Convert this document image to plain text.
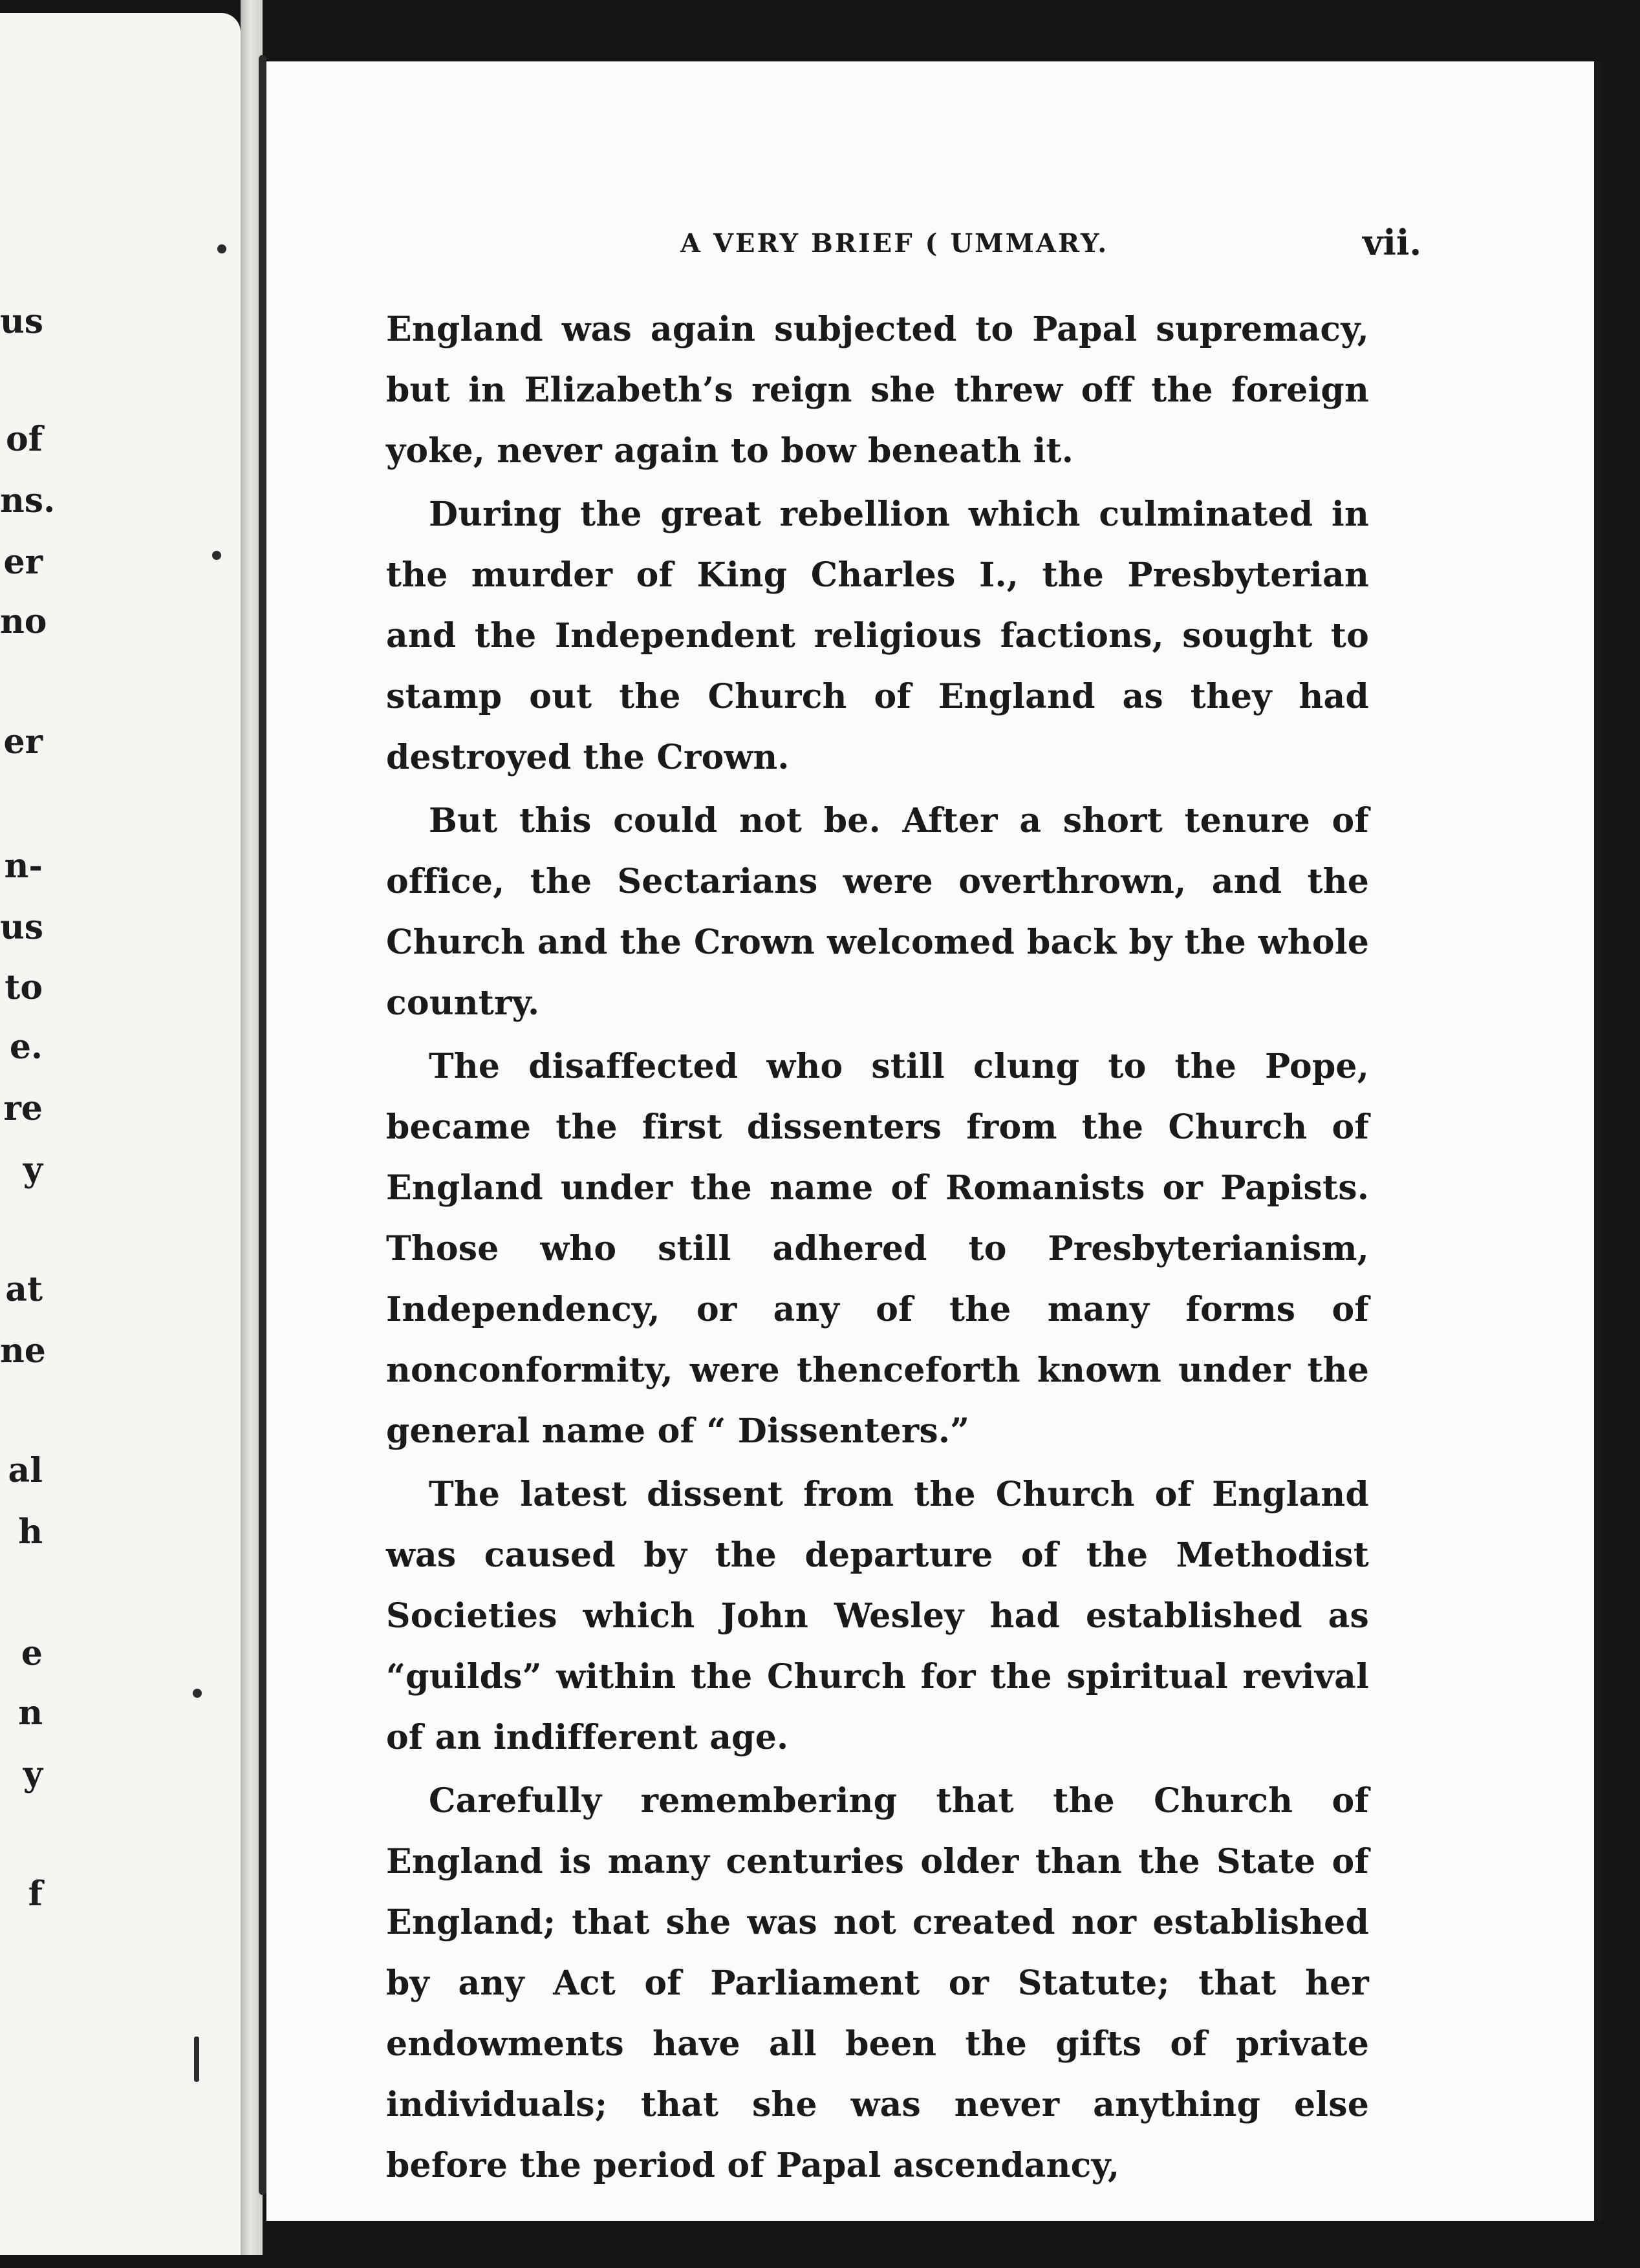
us
of
ns.
er
no
er
n-
us
to
e.
re
y
at
ne
al
h
e
n
y
f
A VERY BRIEF ( UMMARY.	vii.

England was again subjected to Papal supremacy, but in Elizabeth’s reign she threw off the foreign yoke, never again to bow beneath it.

During the great rebellion which culminated in the murder of King Charles I., the Presbyterian and the Independent religious factions, sought to stamp out the Church of England as they had destroyed the Crown.

But this could not be. After a short tenure of office, the Sectarians were overthrown, and the Church and the Crown welcomed back by the whole country.

The disaffected who still clung to the Pope, became the first dissenters from the Church of England under the name of Romanists or Papists. Those who still adhered to Presbyterianism, Independency, or any of the many forms of nonconformity, were thenceforth known under the general name of “ Dissenters.”

The latest dissent from the Church of England was caused by the departure of the Methodist Societies which John Wesley had established as “guilds” within the Church for the spiritual revival of an indifferent age.

Carefully remembering that the Church of England is many centuries older than the State of England; that she was not created nor established by any Act of Parliament or Statute; that her endowments have all been the gifts of private individuals; that she was never anything else before the period of Papal ascendancy,
